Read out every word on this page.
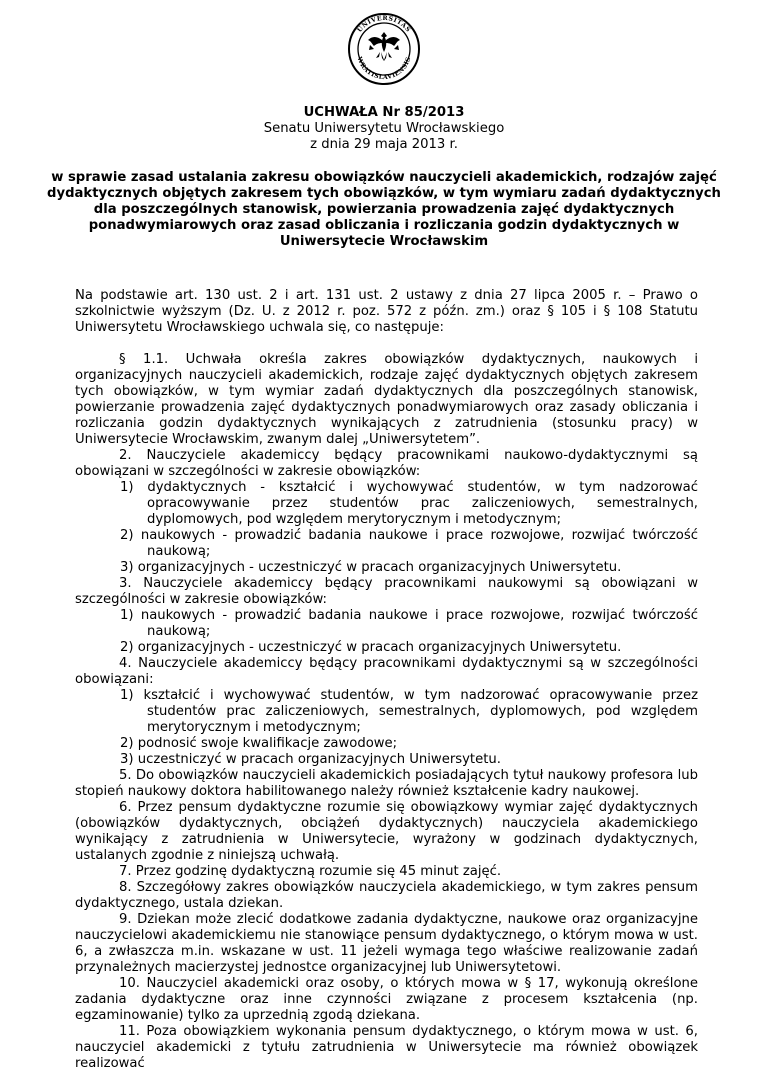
UNIVERSITAS
WRATISLAVIENSIS
UCHWAŁA Nr 85/2013
Senatu Uniwersytetu Wrocławskiego
z dnia 29 maja 2013 r.
w sprawie zasad ustalania zakresu obowiązków nauczycieli akademickich, rodzajów zajęć dydaktycznych objętych zakresem tych obowiązków, w tym wymiaru zadań dydaktycznych dla poszczególnych stanowisk, powierzania prowadzenia zajęć dydaktycznych ponadwymiarowych oraz zasad obliczania i rozliczania godzin dydaktycznych w Uniwersytecie Wrocławskim

Na podstawie art. 130 ust. 2 i art. 131 ust. 2 ustawy z dnia 27 lipca 2005 r. – Prawo o szkolnictwie wyższym (Dz. U. z 2012 r. poz. 572 z późn. zm.) oraz § 105 i § 108 Statutu Uniwersytetu Wrocławskiego uchwala się, co następuje:

§ 1.1. Uchwała określa zakres obowiązków dydaktycznych, naukowych i organizacyjnych nauczycieli akademickich, rodzaje zajęć dydaktycznych objętych zakresem tych obowiązków, w tym wymiar zadań dydaktycznych dla poszczególnych stanowisk, powierzanie prowadzenia zajęć dydaktycznych ponadwymiarowych oraz zasady obliczania i rozliczania godzin dydaktycznych wynikających z zatrudnienia (stosunku pracy) w Uniwersytecie Wrocławskim, zwanym dalej „Uniwersytetem”.

2. Nauczyciele akademiccy będący pracownikami naukowo-dydaktycznymi są obowiązani w szczególności w zakresie obowiązków:

1) dydaktycznych - kształcić i wychowywać studentów, w tym nadzorować opracowywanie przez studentów prac zaliczeniowych, semestralnych, dyplomowych, pod względem merytorycznym i metodycznym;

2) naukowych - prowadzić badania naukowe i prace rozwojowe, rozwijać twórczość naukową;

3) organizacyjnych - uczestniczyć w pracach organizacyjnych Uniwersytetu.

3. Nauczyciele akademiccy będący pracownikami naukowymi są obowiązani w szczególności w zakresie obowiązków:

1) naukowych - prowadzić badania naukowe i prace rozwojowe, rozwijać twórczość naukową;

2) organizacyjnych - uczestniczyć w pracach organizacyjnych Uniwersytetu.

4. Nauczyciele akademiccy będący pracownikami dydaktycznymi są w szczególności obowiązani:

1) kształcić i wychowywać studentów, w tym nadzorować opracowywanie przez studentów prac zaliczeniowych, semestralnych, dyplomowych, pod względem merytorycznym i metodycznym;

2) podnosić swoje kwalifikacje zawodowe;

3) uczestniczyć w pracach organizacyjnych Uniwersytetu.

5. Do obowiązków nauczycieli akademickich posiadających tytuł naukowy profesora lub stopień naukowy doktora habilitowanego należy również kształcenie kadry naukowej.

6. Przez pensum dydaktyczne rozumie się obowiązkowy wymiar zajęć dydaktycznych (obowiązków dydaktycznych, obciążeń dydaktycznych) nauczyciela akademickiego wynikający z zatrudnienia w Uniwersytecie, wyrażony w godzinach dydaktycznych, ustalanych zgodnie z niniejszą uchwałą.

7. Przez godzinę dydaktyczną rozumie się 45 minut zajęć.

8. Szczegółowy zakres obowiązków nauczyciela akademickiego, w tym zakres pensum dydaktycznego, ustala dziekan.

9. Dziekan może zlecić dodatkowe zadania dydaktyczne, naukowe oraz organizacyjne nauczycielowi akademickiemu nie stanowiące pensum dydaktycznego, o którym mowa w ust. 6, a zwłaszcza m.in. wskazane w ust. 11 jeżeli wymaga tego właściwe realizowanie zadań przynależnych macierzystej jednostce organizacyjnej lub Uniwersytetowi.

10. Nauczyciel akademicki oraz osoby, o których mowa w § 17, wykonują określone zadania dydaktyczne oraz inne czynności związane z procesem kształcenia (np. egzaminowanie) tylko za uprzednią zgodą dziekana.

11. Poza obowiązkiem wykonania pensum dydaktycznego, o którym mowa w ust. 6, nauczyciel akademicki z tytułu zatrudnienia w Uniwersytecie ma również obowiązek realizować
